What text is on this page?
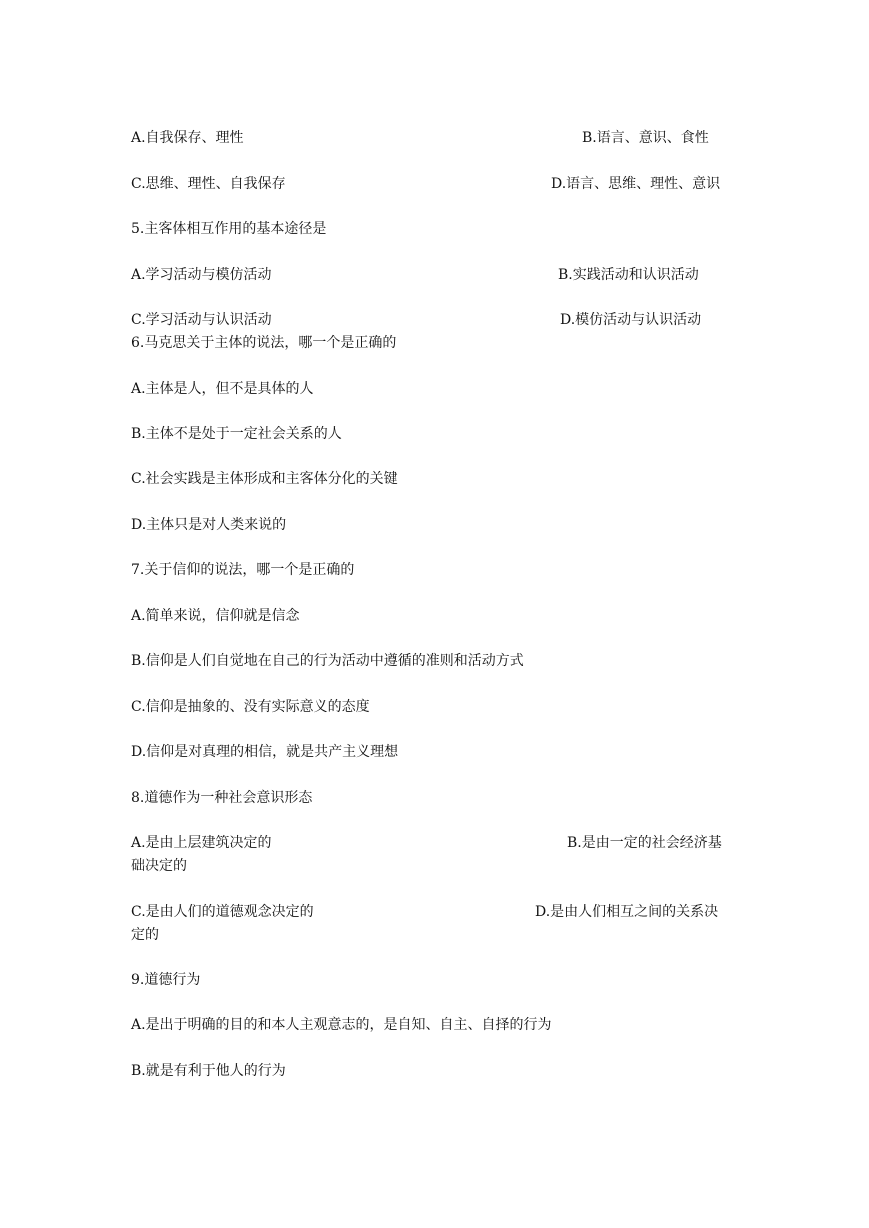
A.自我保存、理性	B.语言、意识、食性
C.思维、理性、自我保存	D.语言、思维、理性、意识
5.主客体相互作用的基本途径是
A.学习活动与模仿活动	B.实践活动和认识活动
C.学习活动与认识活动	D.模仿活动与认识活动
6.马克思关于主体的说法，哪一个是正确的
A.主体是人，但不是具体的人
B.主体不是处于一定社会关系的人
C.社会实践是主体形成和主客体分化的关键
D.主体只是对人类来说的
7.关于信仰的说法，哪一个是正确的
A.简单来说，信仰就是信念
B.信仰是人们自觉地在自己的行为活动中遵循的准则和活动方式
C.信仰是抽象的、没有实际意义的态度
D.信仰是对真理的相信，就是共产主义理想
8.道德作为一种社会意识形态
A.是由上层建筑决定的	B.是由一定的社会经济基
础决定的
C.是由人们的道德观念决定的	D.是由人们相互之间的关系决
定的
9.道德行为
A.是出于明确的目的和本人主观意志的，是自知、自主、自择的行为
B.就是有利于他人的行为
